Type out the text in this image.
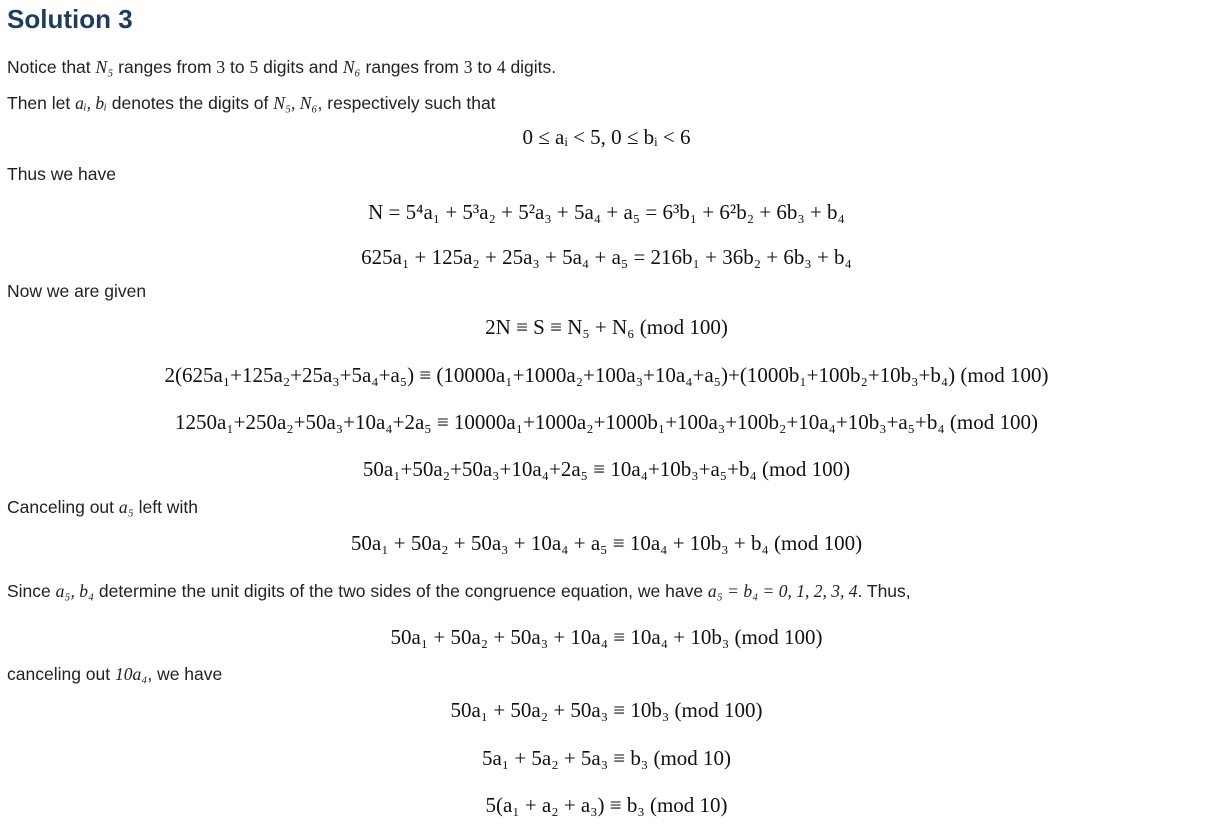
Solution 3
Notice that N₅ ranges from 3 to 5 digits and N₆ ranges from 3 to 4 digits.
Then let aᵢ, bᵢ denotes the digits of N₅, N₆, respectively such that
0 ≤ aᵢ < 5, 0 ≤ bᵢ < 6
Thus we have
N = 5⁴a₁ + 5³a₂ + 5²a₃ + 5a₄ + a₅ = 6³b₁ + 6²b₂ + 6b₃ + b₄
625a₁ + 125a₂ + 25a₃ + 5a₄ + a₅ = 216b₁ + 36b₂ + 6b₃ + b₄
Now we are given
2N ≡ S ≡ N₅ + N₆ (mod 100)
2(625a₁+125a₂+25a₃+5a₄+a₅) ≡ (10000a₁+1000a₂+100a₃+10a₄+a₅)+(1000b₁+100b₂+10b₃+b₄) (mod 100)
1250a₁+250a₂+50a₃+10a₄+2a₅ ≡ 10000a₁+1000a₂+1000b₁+100a₃+100b₂+10a₄+10b₃+a₅+b₄ (mod 100)
50a₁+50a₂+50a₃+10a₄+2a₅ ≡ 10a₄+10b₃+a₅+b₄ (mod 100)
Canceling out a₅ left with
50a₁ + 50a₂ + 50a₃ + 10a₄ + a₅ ≡ 10a₄ + 10b₃ + b₄ (mod 100)
Since a₅, b₄ determine the unit digits of the two sides of the congruence equation, we have a₅ = b₄ = 0, 1, 2, 3, 4. Thus,
50a₁ + 50a₂ + 50a₃ + 10a₄ ≡ 10a₄ + 10b₃ (mod 100)
canceling out 10a₄, we have
50a₁ + 50a₂ + 50a₃ ≡ 10b₃ (mod 100)
5a₁ + 5a₂ + 5a₃ ≡ b₃ (mod 10)
5(a₁ + a₂ + a₃) ≡ b₃ (mod 10)
